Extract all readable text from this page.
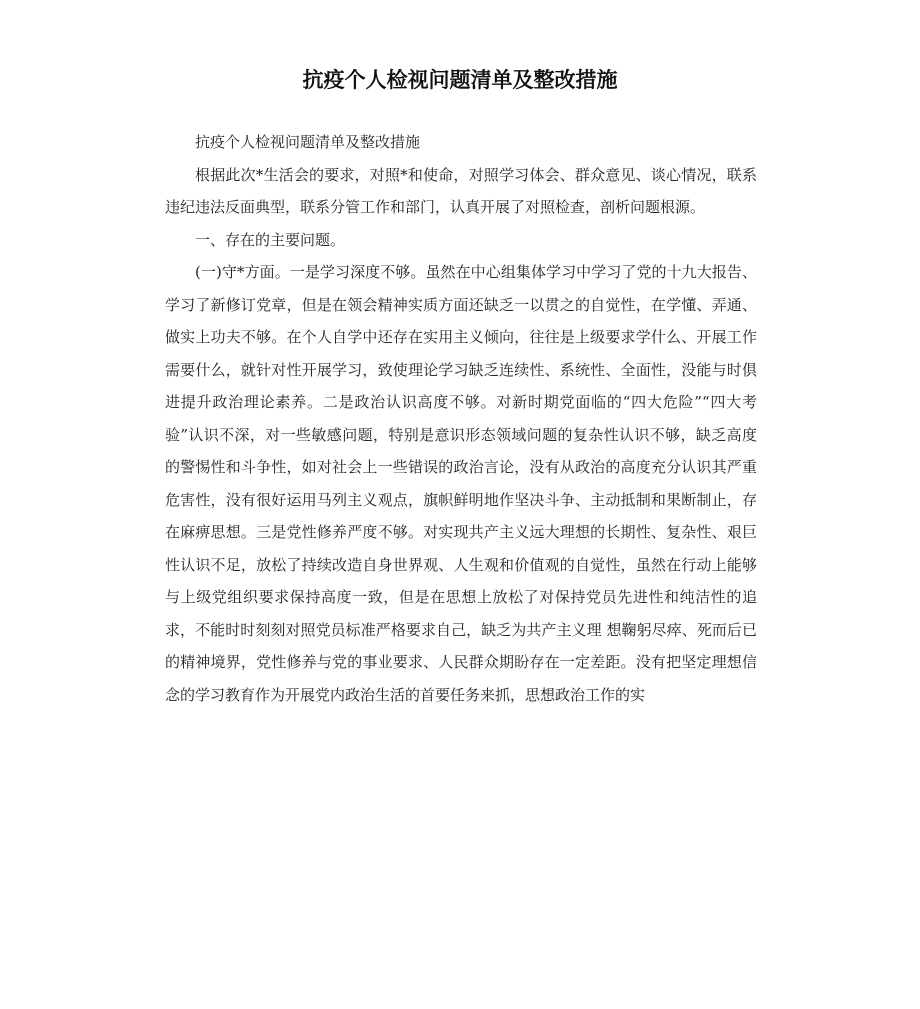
抗疫个人检视问题清单及整改措施

抗疫个人检视问题清单及整改措施

根据此次*生活会的要求，对照*和使命，对照学习体会、群众意见、谈心情况，联系违纪违法反面典型，联系分管工作和部门，认真开展了对照检查，剖析问题根源。

一、存在的主要问题。

(一)守*方面。一是学习深度不够。虽然在中心组集体学习中学习了党的十九大报告、学习了新修订党章，但是在领会精神实质方面还缺乏一以贯之的自觉性，在学懂、弄通、做实上功夫不够。在个人自学中还存在实用主义倾向，往往是上级要求学什么、开展工作需要什么，就针对性开展学习，致使理论学习缺乏连续性、系统性、全面性，没能与时俱进提升政治理论素养。二是政治认识高度不够。对新时期党面临的“四大危险”“四大考验”认识不深，对一些敏感问题，特别是意识形态领域问题的复杂性认识不够，缺乏高度的警惕性和斗争性，如对社会上一些错误的政治言论，没有从政治的高度充分认识其严重危害性，没有很好运用马列主义观点，旗帜鲜明地作坚决斗争、主动抵制和果断制止，存在麻痹思想。三是党性修养严度不够。对实现共产主义远大理想的长期性、复杂性、艰巨性认识不足，放松了持续改造自身世界观、人生观和价值观的自觉性，虽然在行动上能够与上级党组织要求保持高度一致，但是在思想上放松了对保持党员先进性和纯洁性的追求，不能时时刻刻对照党员标准严格要求自己，缺乏为共产主义理 想鞠躬尽瘁、死而后已的精神境界，党性修养与党的事业要求、人民群众期盼存在一定差距。没有把坚定理想信念的学习教育作为开展党内政治生活的首要任务来抓，思想政治工作的实
